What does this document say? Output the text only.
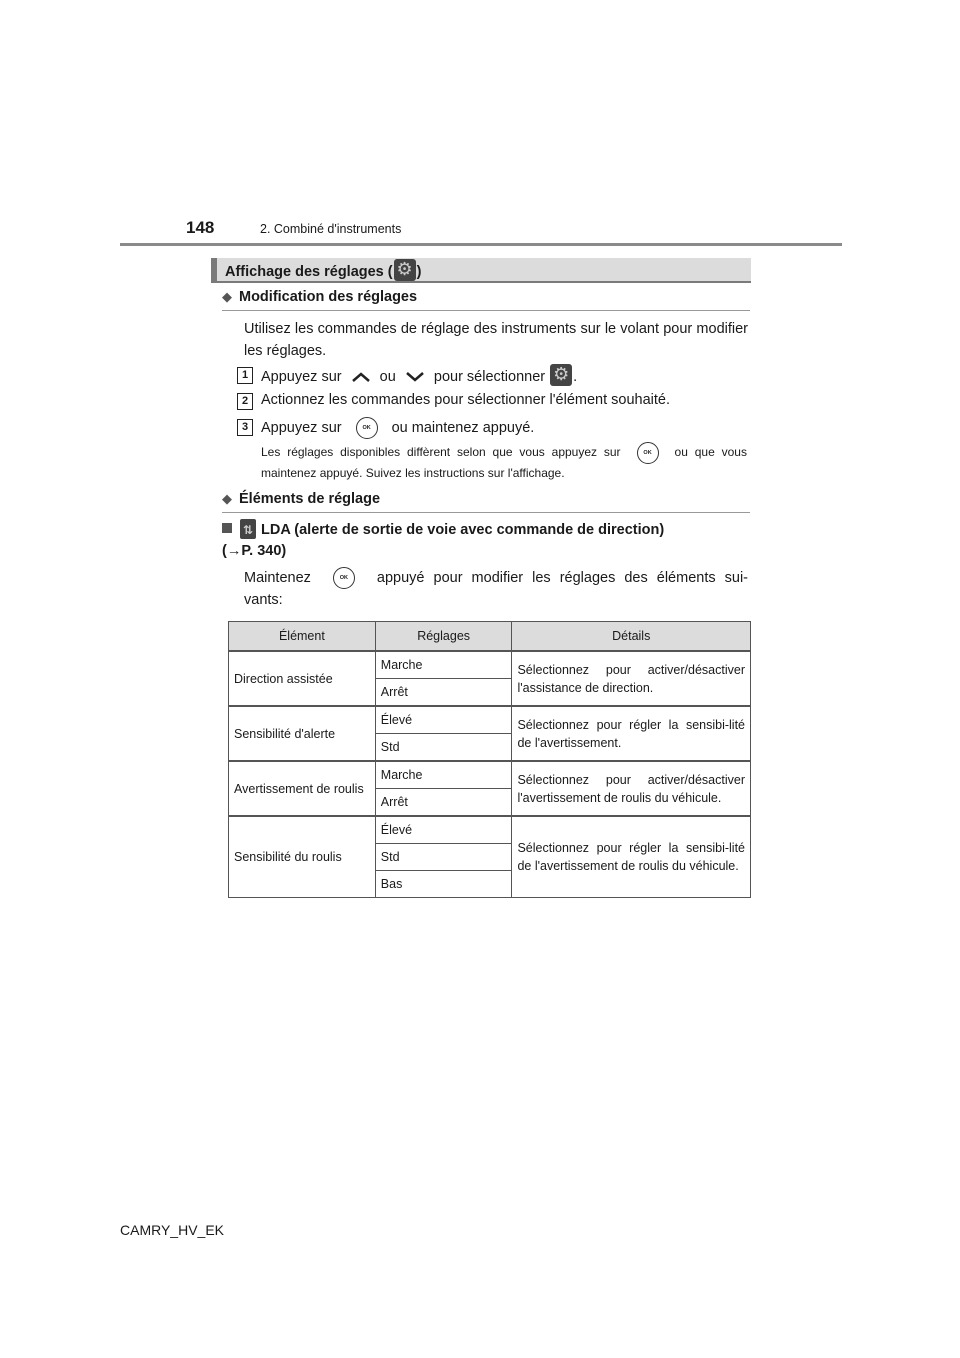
148	2. Combiné d'instruments
Affichage des réglages ( ⚙ )
◆ Modification des réglages
Utilisez les commandes de réglage des instruments sur le volant pour modifier les réglages.
1 Appuyez sur	ou	pour sélectionner ⚙ .
2 Actionnez les commandes pour sélectionner l'élément souhaité.
3 Appuyez sur	OK ou maintenez appuyé.
Les réglages disponibles diffèrent selon que vous appuyez sur	OK ou que vous maintenez appuyé. Suivez les instructions sur l'affichage.
◆ Éléments de réglage
⇅LDA (alerte de sortie de voie avec commande de direction)
(→P. 340)
Maintenez	OK appuyé pour modifier les réglages des éléments sui-vants:
Élément	Réglages	Détails
Direction assistée	Marche	Sélectionnez pour activer/désactiver l'assistance de direction.
	Arrêt	
Sensibilité d'alerte	Élevé	Sélectionnez pour régler la sensibi-lité de l'avertissement.
	Std	
Avertissement de roulis	Marche	Sélectionnez pour activer/désactiver l'avertissement de roulis du véhicule.
	Arrêt	
Sensibilité du roulis	Élevé	Sélectionnez pour régler la sensibi-lité de l'avertissement de roulis du véhicule.
	Std	
	Bas	
CAMRY_HV_EK
